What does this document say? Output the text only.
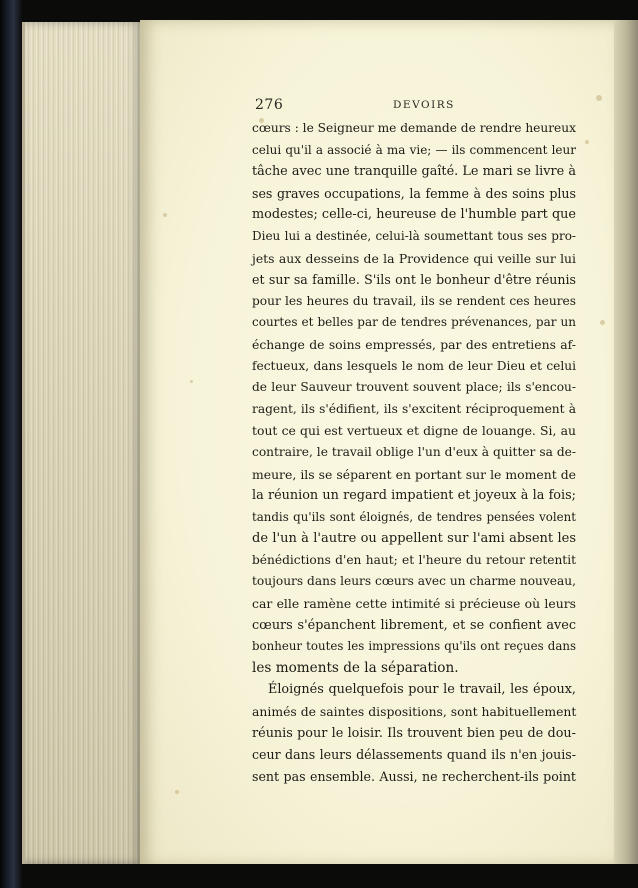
276	DEVOIRS
cœurs : le Seigneur me demande de rendre heureux
celui qu'il a associé à ma vie; — ils commencent leur
tâche avec une tranquille gaîté. Le mari se livre à
ses graves occupations, la femme à des soins plus
modestes; celle-ci, heureuse de l'humble part que
Dieu lui a destinée, celui-là soumettant tous ses pro-
jets aux desseins de la Providence qui veille sur lui
et sur sa famille. S'ils ont le bonheur d'être réunis
pour les heures du travail, ils se rendent ces heures
courtes et belles par de tendres prévenances, par un
échange de soins empressés, par des entretiens af-
fectueux, dans lesquels le nom de leur Dieu et celui
de leur Sauveur trouvent souvent place; ils s'encou-
ragent, ils s'édifient, ils s'excitent réciproquement à
tout ce qui est vertueux et digne de louange. Si, au
contraire, le travail oblige l'un d'eux à quitter sa de-
meure, ils se séparent en portant sur le moment de
la réunion un regard impatient et joyeux à la fois;
tandis qu'ils sont éloignés, de tendres pensées volent
de l'un à l'autre ou appellent sur l'ami absent les
bénédictions d'en haut; et l'heure du retour retentit
toujours dans leurs cœurs avec un charme nouveau,
car elle ramène cette intimité si précieuse où leurs
cœurs s'épanchent librement, et se confient avec
bonheur toutes les impressions qu'ils ont reçues dans
les moments de la séparation.
Éloignés quelquefois pour le travail, les époux,
animés de saintes dispositions, sont habituellement
réunis pour le loisir. Ils trouvent bien peu de dou-
ceur dans leurs délassements quand ils n'en jouis-
sent pas ensemble. Aussi, ne recherchent-ils point
